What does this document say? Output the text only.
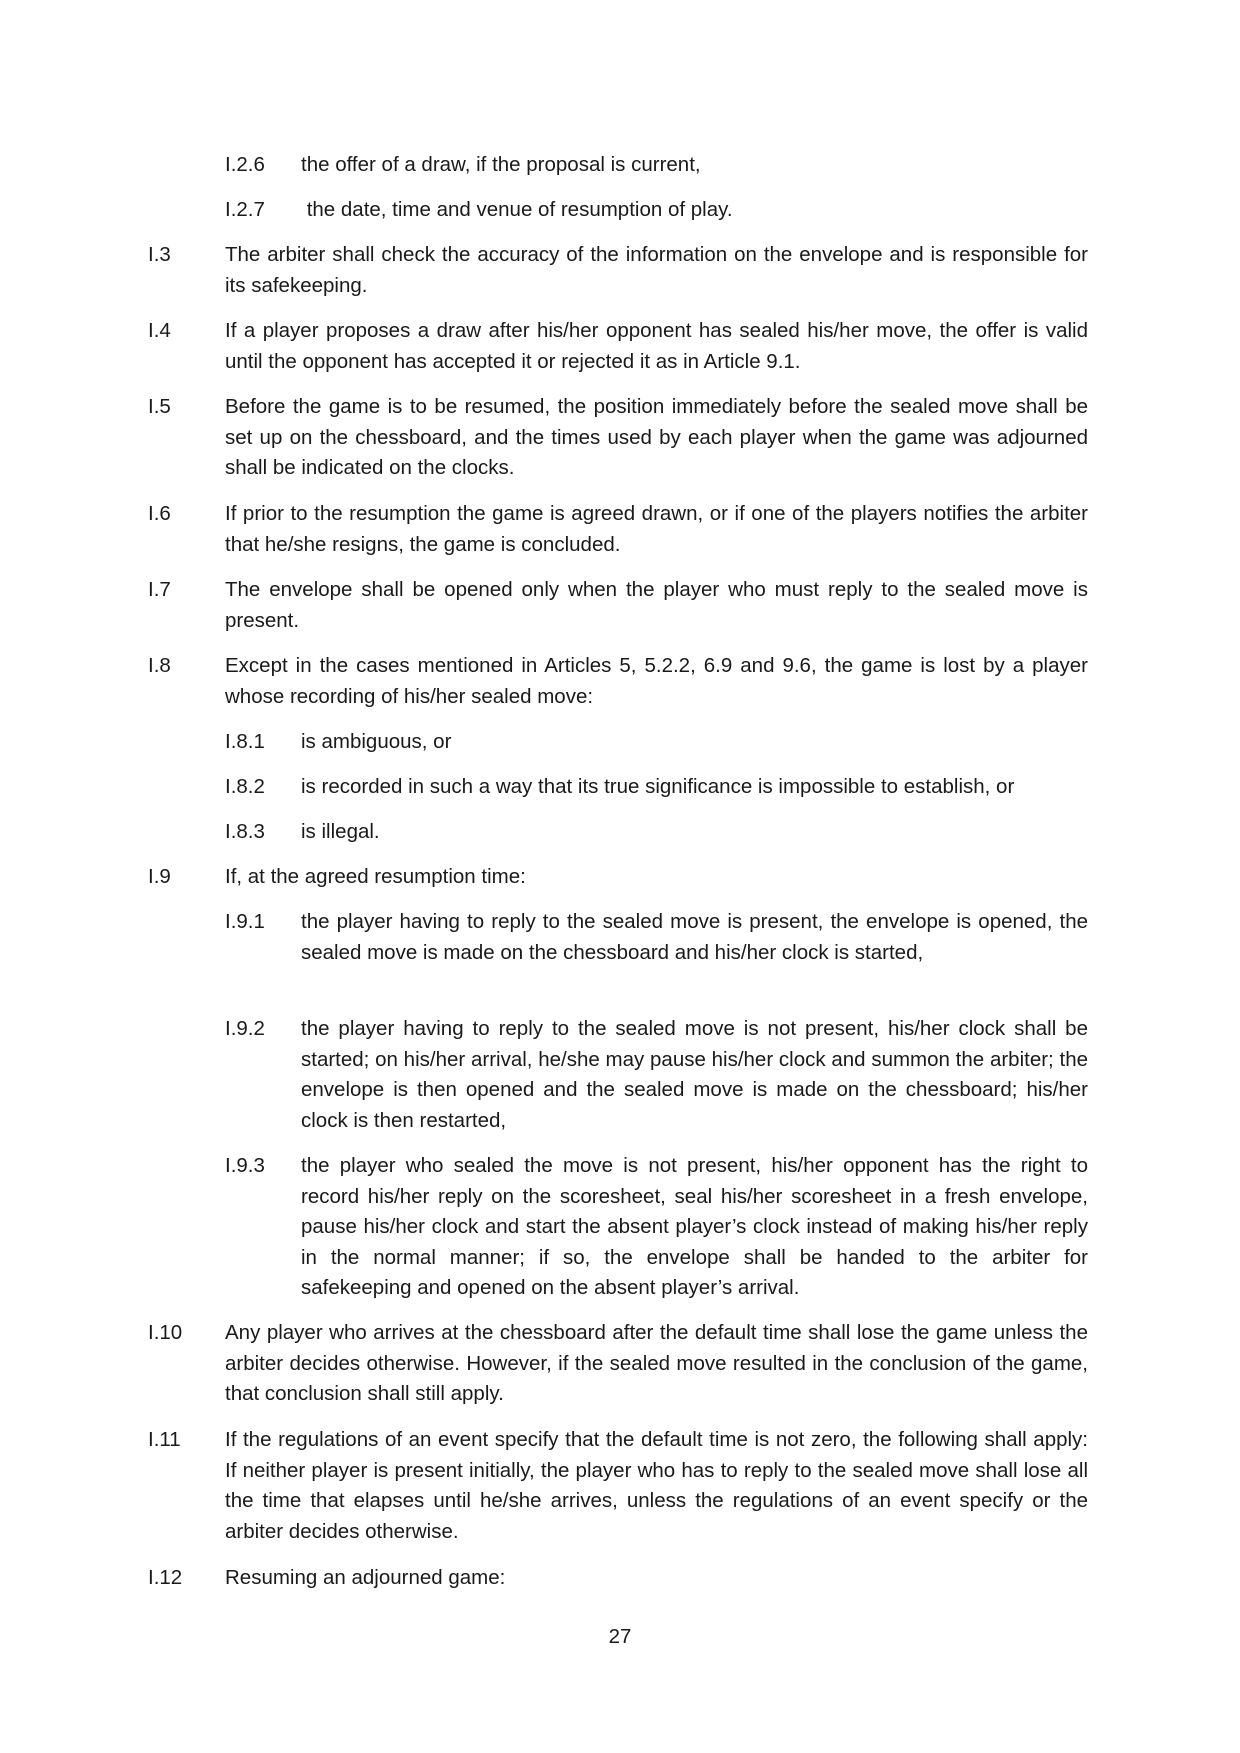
I.2.6 the offer of a draw, if the proposal is current,
I.2.7 the date, time and venue of resumption of play.
I.3	The arbiter shall check the accuracy of the information on the envelope and is responsible for its safekeeping.
I.4	If a player proposes a draw after his/her opponent has sealed his/her move, the offer is valid until the opponent has accepted it or rejected it as in Article 9.1.
I.5	Before the game is to be resumed, the position immediately before the sealed move shall be set up on the chessboard, and the times used by each player when the game was adjourned shall be indicated on the clocks.
I.6	If prior to the resumption the game is agreed drawn, or if one of the players notifies the arbiter that he/she resigns, the game is concluded.
I.7	The envelope shall be opened only when the player who must reply to the sealed move is present.
I.8	Except in the cases mentioned in Articles 5, 5.2.2, 6.9 and 9.6, the game is lost by a player whose recording of his/her sealed move:
I.8.1 is ambiguous, or
I.8.2 is recorded in such a way that its true significance is impossible to establish, or
I.8.3 is illegal.
I.9	If, at the agreed resumption time:
I.9.1 the player having to reply to the sealed move is present, the envelope is opened, the sealed move is made on the chessboard and his/her clock is started,
I.9.2 the player having to reply to the sealed move is not present, his/her clock shall be started; on his/her arrival, he/she may pause his/her clock and summon the arbiter; the envelope is then opened and the sealed move is made on the chessboard; his/her clock is then restarted,
I.9.3 the player who sealed the move is not present, his/her opponent has the right to record his/her reply on the scoresheet, seal his/her scoresheet in a fresh envelope, pause his/her clock and start the absent player’s clock instead of making his/her reply in the normal manner; if so, the envelope shall be handed to the arbiter for safekeeping and opened on the absent player’s arrival.
I.10 Any player who arrives at the chessboard after the default time shall lose the game unless the arbiter decides otherwise. However, if the sealed move resulted in the conclusion of the game, that conclusion shall still apply.
I.11 If the regulations of an event specify that the default time is not zero, the following shall apply: If neither player is present initially, the player who has to reply to the sealed move shall lose all the time that elapses until he/she arrives, unless the regulations of an event specify or the arbiter decides otherwise.
I.12 Resuming an adjourned game:
27
